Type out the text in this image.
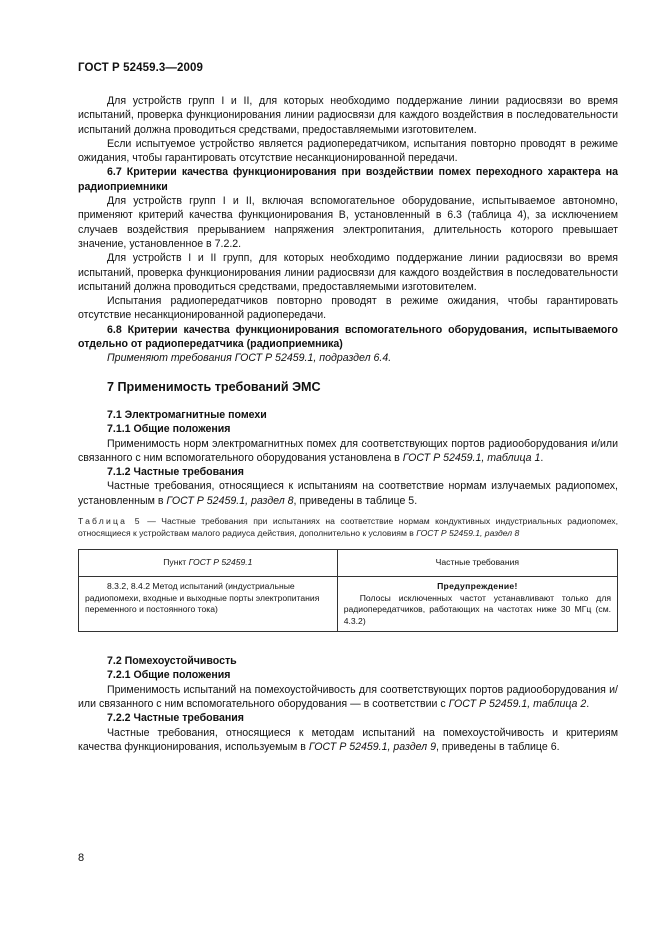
ГОСТ Р 52459.3—2009

Для устройств групп I и II, для которых необходимо поддержание линии радиосвязи во время испытаний, проверка функционирования линии радиосвязи для каждого воздействия в последовательности испытаний должна проводиться средствами, предоставляемыми изготовителем.

Если испытуемое устройство является радиопередатчиком, испытания повторно проводят в режиме ожидания, чтобы гарантировать отсутствие несанкционированной передачи.

6.7 Критерии качества функционирования при воздействии помех переходного характера на радиоприемники

Для устройств групп I и II, включая вспомогательное оборудование, испытываемое автономно, применяют критерий качества функционирования В, установленный в 6.3 (таблица 4), за исключением случаев воздействия прерыванием напряжения электропитания, длительность которого превышает значение, установленное в 7.2.2.

Для устройств I и II групп, для которых необходимо поддержание линии радиосвязи во время испытаний, проверка функционирования линии радиосвязи для каждого воздействия в последовательности испытаний должна проводиться средствами, предоставляемыми изготовителем.

Испытания радиопередатчиков повторно проводят в режиме ожидания, чтобы гарантировать отсутствие несанкционированной радиопередачи.

6.8 Критерии качества функционирования вспомогательного оборудования, испытываемого отдельно от радиопередатчика (радиоприемника)

Применяют требования ГОСТ Р 52459.1, подраздел 6.4.

7 Применимость требований ЭМС
7.1 Электромагнитные помехи
7.1.1 Общие положения

Применимость норм электромагнитных помех для соответствующих портов радиооборудования и/или связанного с ним вспомогательного оборудования установлена в ГОСТ Р 52459.1, таблица 1.

7.1.2 Частные требования

Частные требования, относящиеся к испытаниям на соответствие нормам излучаемых радиопомех, установленным в ГОСТ Р 52459.1, раздел 8, приведены в таблице 5.

Таблица 5 — Частные требования при испытаниях на соответствие нормам кондуктивных индустриальных радиопомех, относящиеся к устройствам малого радиуса действия, дополнительно к условиям в ГОСТ Р 52459.1, раздел 8

Пункт ГОСТ Р 52459.1	Частные требования
8.3.2, 8.4.2 Метод испытаний (индустриальные радиопомехи, входные и выходные порты электропитания переменного и постоянного тока)	Предупреждение!

Полосы исключенных частот устанавливают только для радиопередатчиков, работающих на частотах ниже 30 МГц (см. 4.3.2)

7.2 Помехоустойчивость
7.2.1 Общие положения

Применимость испытаний на помехоустойчивость для соответствующих портов радиооборудования и/или связанного с ним вспомогательного оборудования — в соответствии с ГОСТ Р 52459.1, таблица 2.

7.2.2 Частные требования

Частные требования, относящиеся к методам испытаний на помехоустойчивость и критериям качества функционирования, используемым в ГОСТ Р 52459.1, раздел 9, приведены в таблице 6.

8
